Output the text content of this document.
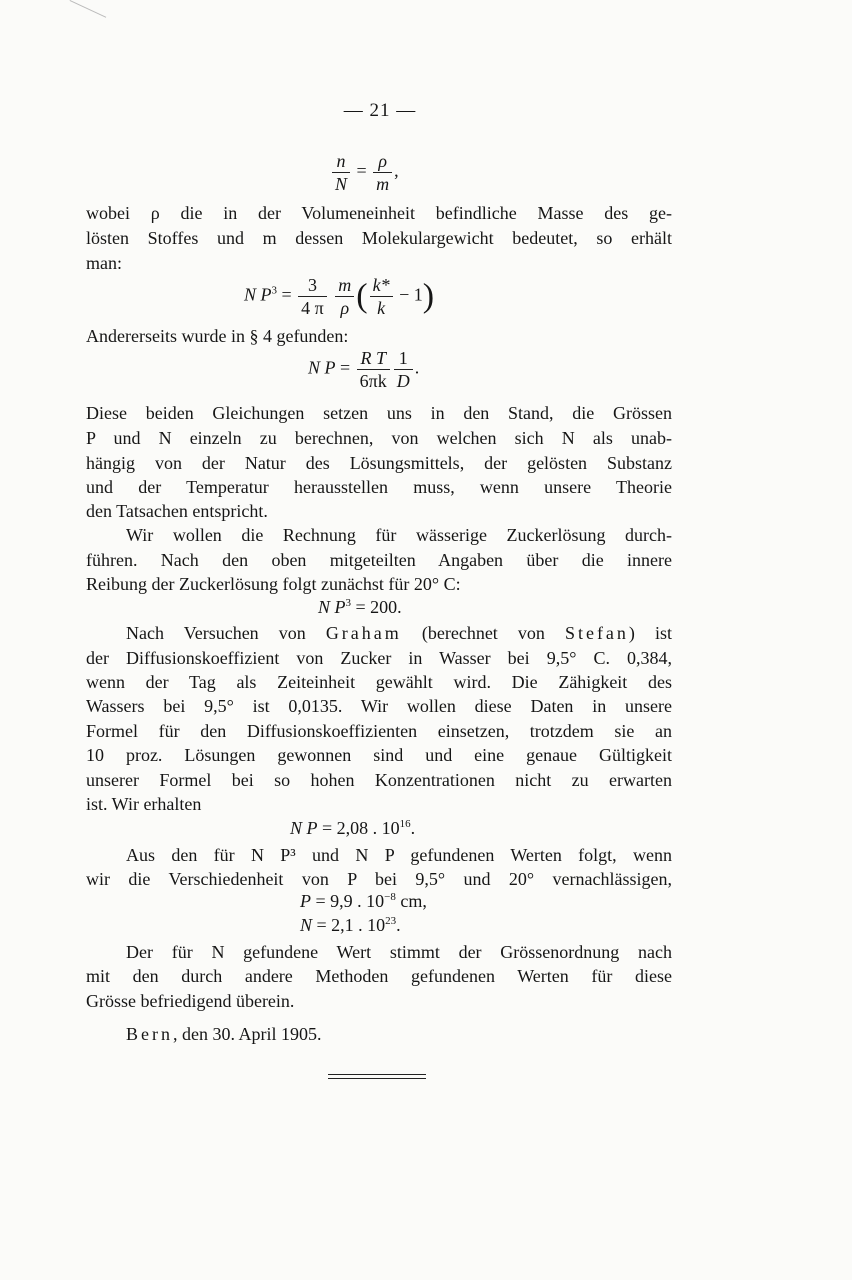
— 21 —
$\frac{n}{N} = \frac{\rho}{m}$ ,
wobei ρ die in der Volumeneinheit befindliche Masse des ge-
lösten Stoffes und m dessen Molekulargewicht bedeutet, so erhält
man:
N $P^3 = \frac{3}{4 \pi}$
$\frac{m}{\rho}$ ( $\frac{k*}{k} - 1$)
Andererseits wurde in § 4 gefunden:
N $P = \frac{\text{R T}}{6\pi k} \frac{1}{D}$ .
Diese beiden Gleichungen setzen uns in den Stand, die Grössen
P und N einzeln zu berechnen, von welchen sich N als unab-
hängig von der Natur des Lösungsmittels, der gelösten Substanz
und der Temperatur herausstellen muss, wenn unsere Theorie
den Tatsachen entspricht.
Wir wollen die Rechnung für wässerige Zuckerlösung durch-
führen. Nach den oben mitgeteilten Angaben über die innere
Reibung der Zuckerlösung folgt zunächst für 20° C:
N $P^3 = 200$.
Nach Versuchen von Graham (berechnet von Stefan) ist
der Diffusionskoeffizient von Zucker in Wasser bei 9,5° C. 0,384,
wenn der Tag als Zeiteinheit gewählt wird. Die Zähigkeit des
Wassers bei 9,5° ist 0,0135. Wir wollen diese Daten in unsere
Formel für den Diffusionskoeffizienten einsetzen, trotzdem sie an
10 proz. Lösungen gewonnen sind und eine genaue Gültigkeit
unserer Formel bei so hohen Konzentrationen nicht zu erwarten
ist. Wir erhalten
N P = 2,08 . $10^{16}$.
Aus den für N P³ und N P gefundenen Werten folgt, wenn
wir die Verschiedenheit von P bei 9,5° und 20° vernachlässigen,
P = 9,9 . $10^{-8}$ cm,
N = 2,1 . $10^{23}$.
Der für N gefundene Wert stimmt der Grössenordnung nach
mit den durch andere Methoden gefundenen Werten für diese
Grösse befriedigend überein.
Bern, den 30. April 1905.
